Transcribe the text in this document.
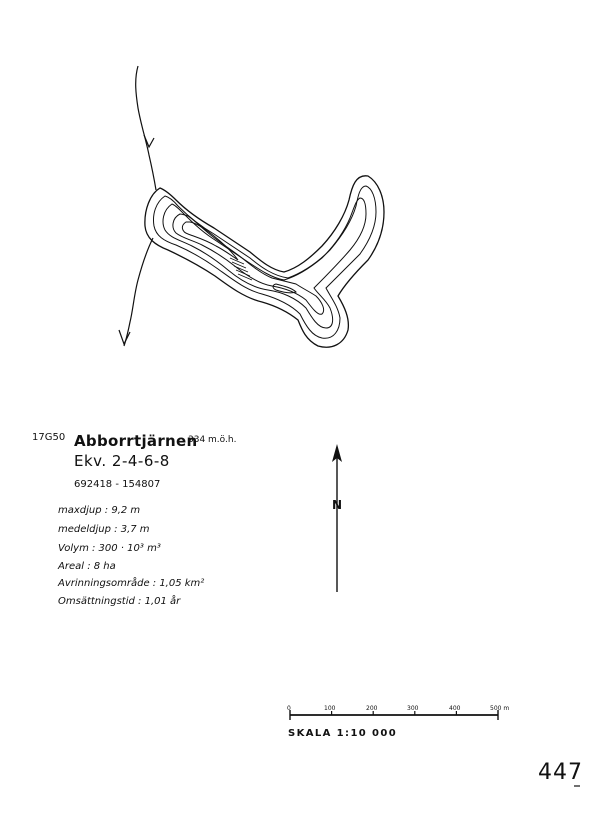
17G50 Abborrtjärnen
334 m.ö.h.
Ekv. 2-4-6-8
692418 - 154807
maxdjup : 9,2 m
medeldjup : 3,7 m
Volym : 300 · 10³ m³
Areal : 8 ha
Avrinningsområde : 1,05 km²
Omsättningstid : 1,01 år
N
0	100	200	300	400	500 m
SKALA 1:10 000
447
